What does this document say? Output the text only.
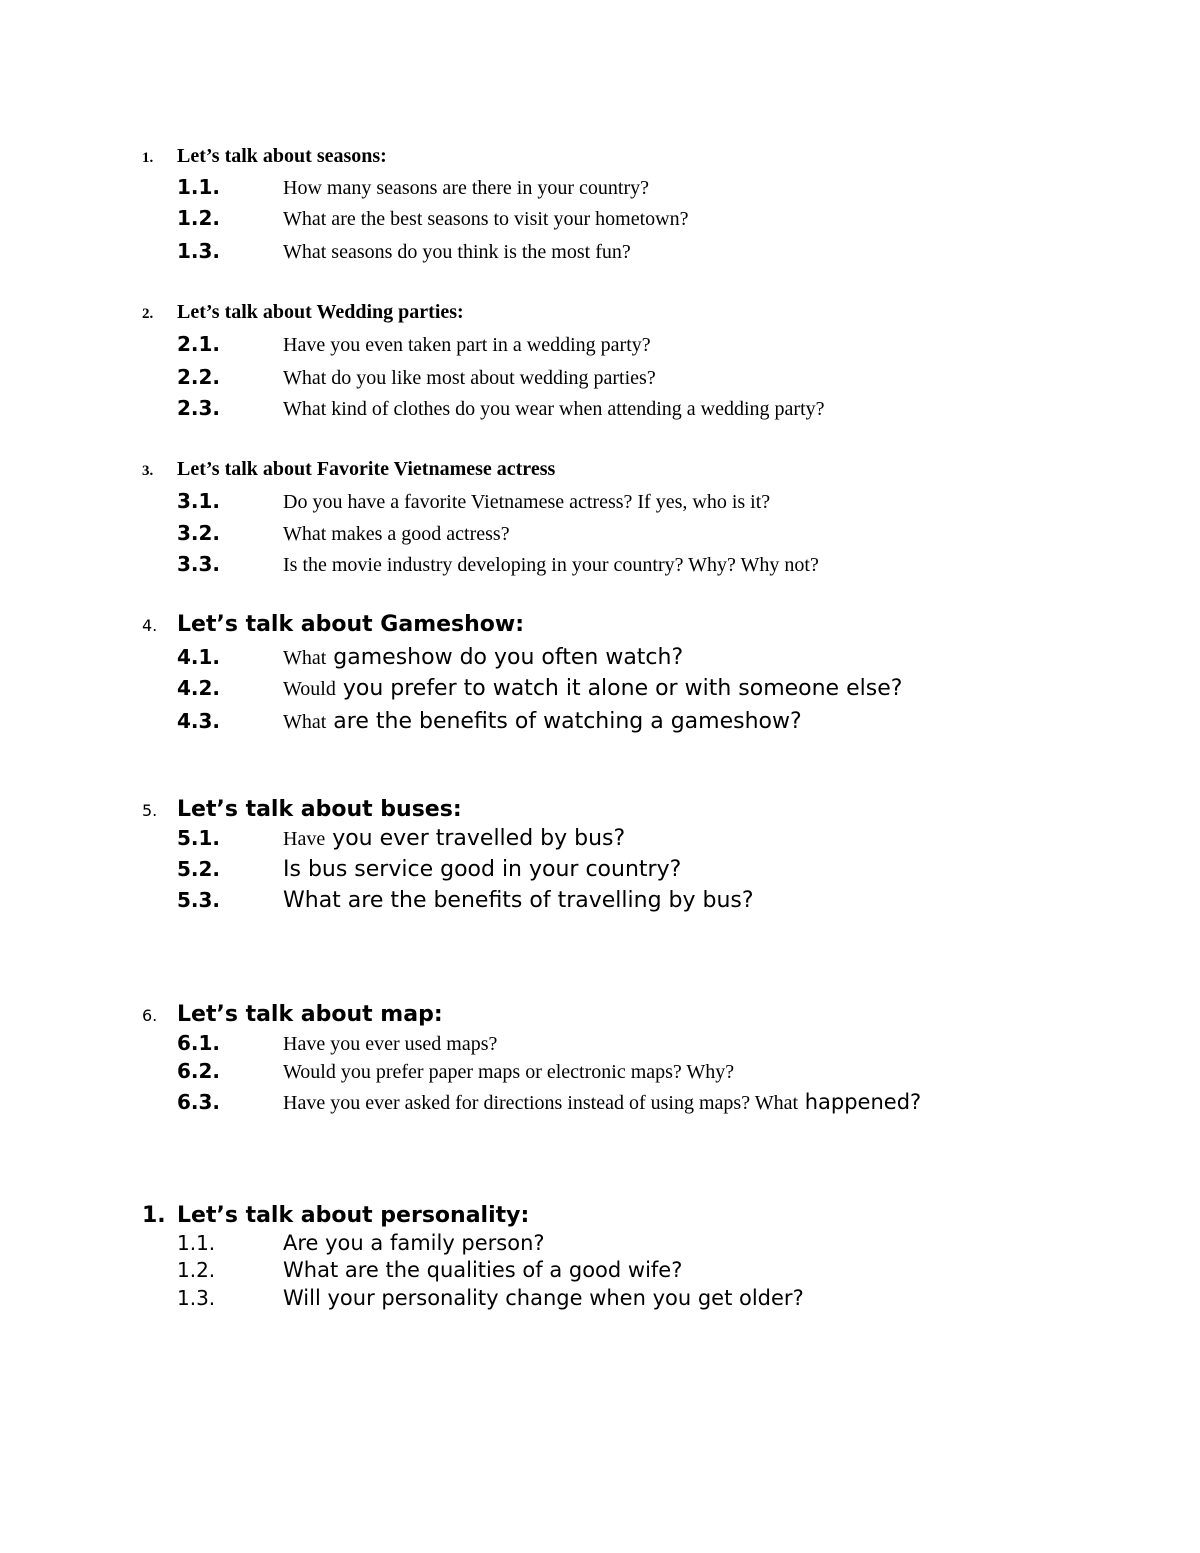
1. Let’s talk about seasons:
1.1.	How many seasons are there in your country?
1.2.	What are the best seasons to visit your hometown?
1.3.	What seasons do you think is the most fun?
2. Let’s talk about Wedding parties:
2.1.	Have you even taken part in a wedding party?
2.2.	What do you like most about wedding parties?
2.3.	What kind of clothes do you wear when attending a wedding party?
3. Let’s talk about Favorite Vietnamese actress
3.1.	Do you have a favorite Vietnamese actress? If yes, who is it?
3.2.	What makes a good actress?
3.3.	Is the movie industry developing in your country? Why? Why not?
4. Let’s talk about Gameshow:
4.1.	What gameshow do you often watch?
4.2.	Would you prefer to watch it alone or with someone else?
4.3.	What are the benefits of watching a gameshow?
5. Let’s talk about buses:
5.1.	Have you ever travelled by bus?
5.2.	Is bus service good in your country?
5.3.	What are the benefits of travelling by bus?
6. Let’s talk about map:
6.1.	Have you ever used maps?
6.2.	Would you prefer paper maps or electronic maps? Why?
6.3.	Have you ever asked for directions instead of using maps? What happened?
1. Let’s talk about personality:
1.1.	Are you a family person?
1.2.	What are the qualities of a good wife?
1.3.	Will your personality change when you get older?
